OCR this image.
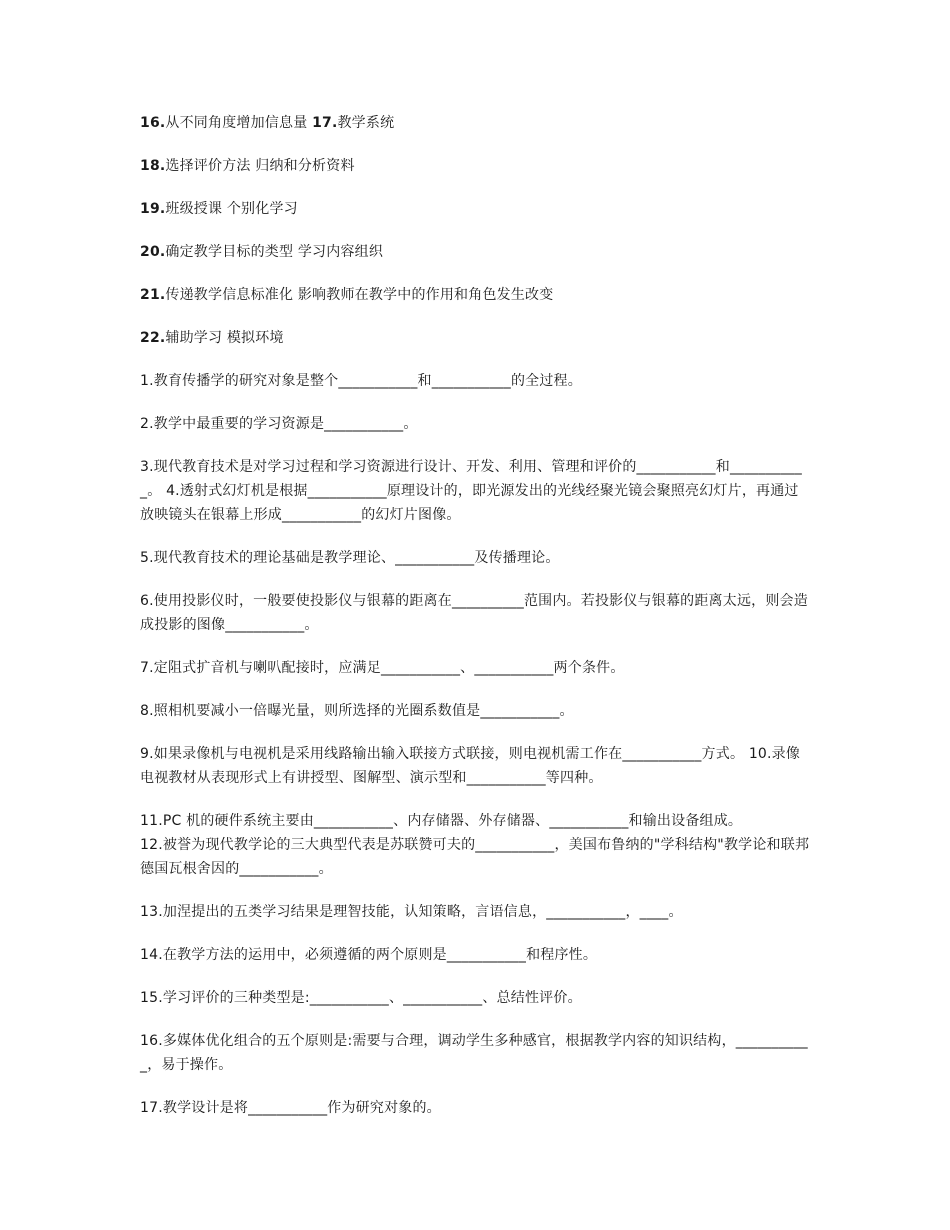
16.从不同角度增加信息量 17.教学系统

18.选择评价方法 归纳和分析资料

19.班级授课 个别化学习

20.确定教学目标的类型 学习内容组织

21.传递教学信息标准化 影响教师在教学中的作用和角色发生改变

22.辅助学习 模拟环境

1.教育传播学的研究对象是整个___________和___________的全过程。

2.教学中最重要的学习资源是___________。

3.现代教育技术是对学习过程和学习资源进行设计、开发、利用、管理和评价的___________和___________。 4.透射式幻灯机是根据___________原理设计的，即光源发出的光线经聚光镜会聚照亮幻灯片，再通过放映镜头在银幕上形成___________的幻灯片图像。

5.现代教育技术的理论基础是教学理论、___________及传播理论。

6.使用投影仪时，一般要使投影仪与银幕的距离在__________范围内。若投影仪与银幕的距离太远，则会造成投影的图像___________。

7.定阻式扩音机与喇叭配接时，应满足___________、___________两个条件。

8.照相机要减小一倍曝光量，则所选择的光圈系数值是___________。

9.如果录像机与电视机是采用线路输出输入联接方式联接，则电视机需工作在___________方式。 10.录像电视教材从表现形式上有讲授型、图解型、演示型和___________等四种。

11.PC 机的硬件系统主要由___________、内存储器、外存储器、___________和输出设备组成。
12.被誉为现代教学论的三大典型代表是苏联赞可夫的___________，美国布鲁纳的"学科结构"教学论和联邦德国瓦根舍因的___________。

13.加涅提出的五类学习结果是理智技能，认知策略，言语信息，___________，____。

14.在教学方法的运用中，必须遵循的两个原则是___________和程序性。

15.学习评价的三种类型是:___________、___________、总结性评价。

16.多媒体优化组合的五个原则是:需要与合理，调动学生多种感官，根据教学内容的知识结构，___________，易于操作。

17.教学设计是将___________作为研究对象的。
